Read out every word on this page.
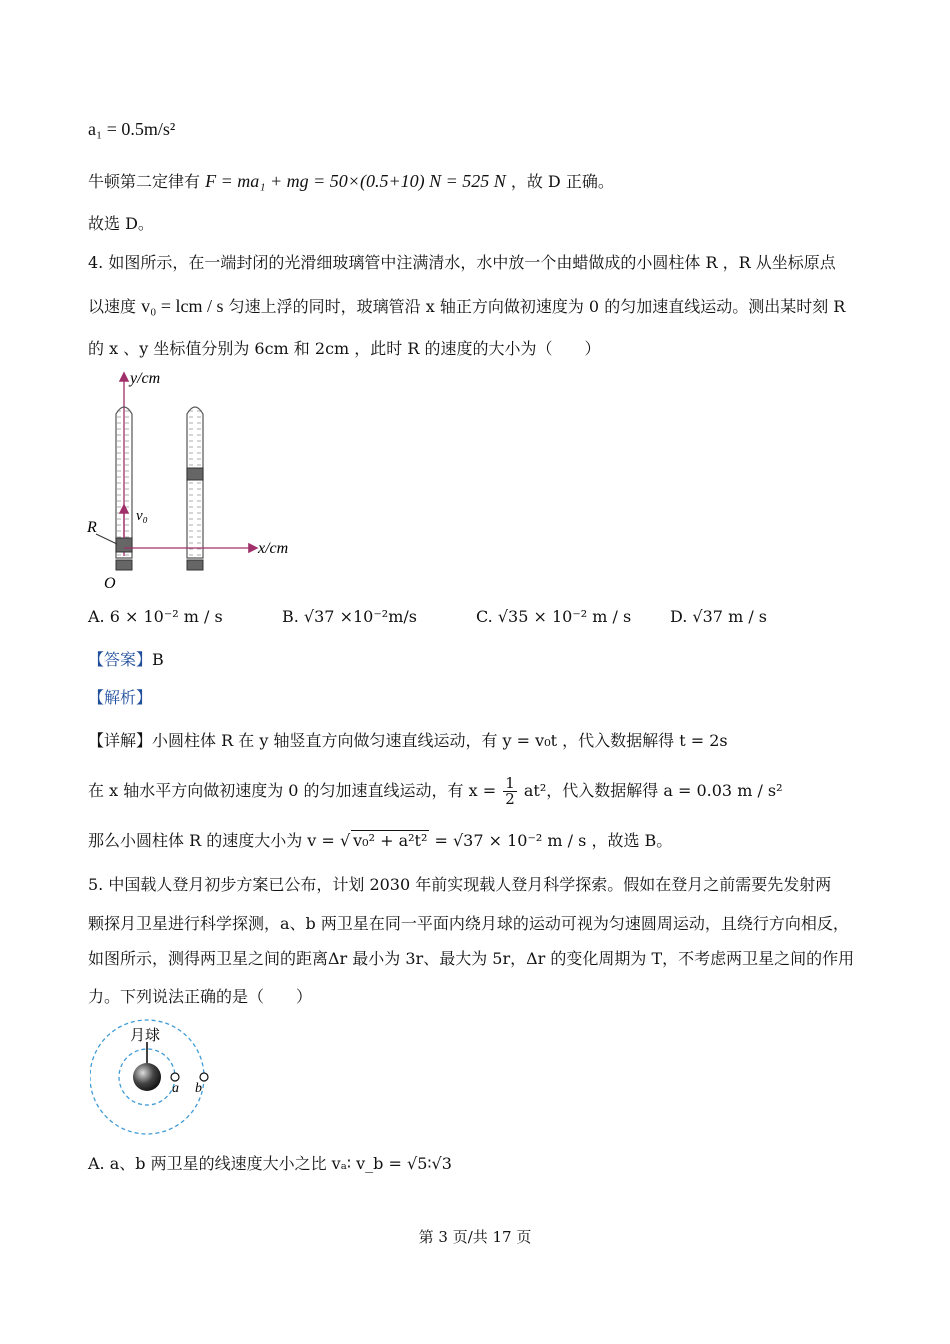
a₁ = 0.5m/s²
牛顿第二定律有 F = ma₁ + mg = 50×(0.5+10) N = 525 N ，故 D 正确。
故选 D。
4. 如图所示，在一端封闭的光滑细玻璃管中注满清水，水中放一个由蜡做成的小圆柱体 R ，R 从坐标原点
以速度 v₀ = lcm / s 匀速上浮的同时，玻璃管沿 x 轴正方向做初速度为 0 的匀加速直线运动。测出某时刻 R
的 x 、y 坐标值分别为 6cm 和 2cm ，此时 R 的速度的大小为（　　）
y/cm
v₀
x/cm
R
O
A. 6 × 10⁻² m / s	B. √37 ×10⁻²m/s	C. √35 × 10⁻² m / s D. √37 m / s
【答案】B
【解析】
【详解】小圆柱体 R 在 y 轴竖直方向做匀速直线运动，有 y = v₀t ，代入数据解得 t = 2s
在 x 轴水平方向做初速度为 0 的匀加速直线运动，有 $x = \frac{1}{2} at^2$，代入数据解得 a = 0.03 m / s²
那么小圆柱体 R 的速度大小为 v = √ v₀² + a²t² = √37 × 10⁻² m / s ，故选 B。
5. 中国载人登月初步方案已公布，计划 2030 年前实现载人登月科学探索。假如在登月之前需要先发射两
颗探月卫星进行科学探测，a、b 两卫星在同一平面内绕月球的运动可视为匀速圆周运动，且绕行方向相反，
如图所示，测得两卫星之间的距离Δr 最小为 3r、最大为 5r，Δr 的变化周期为 T，不考虑两卫星之间的作用
力。下列说法正确的是（　　）
月球
a b
A. a、b 两卫星的线速度大小之比 vₐ∶ v_b = √5∶√3
第 3 页/共 17 页
